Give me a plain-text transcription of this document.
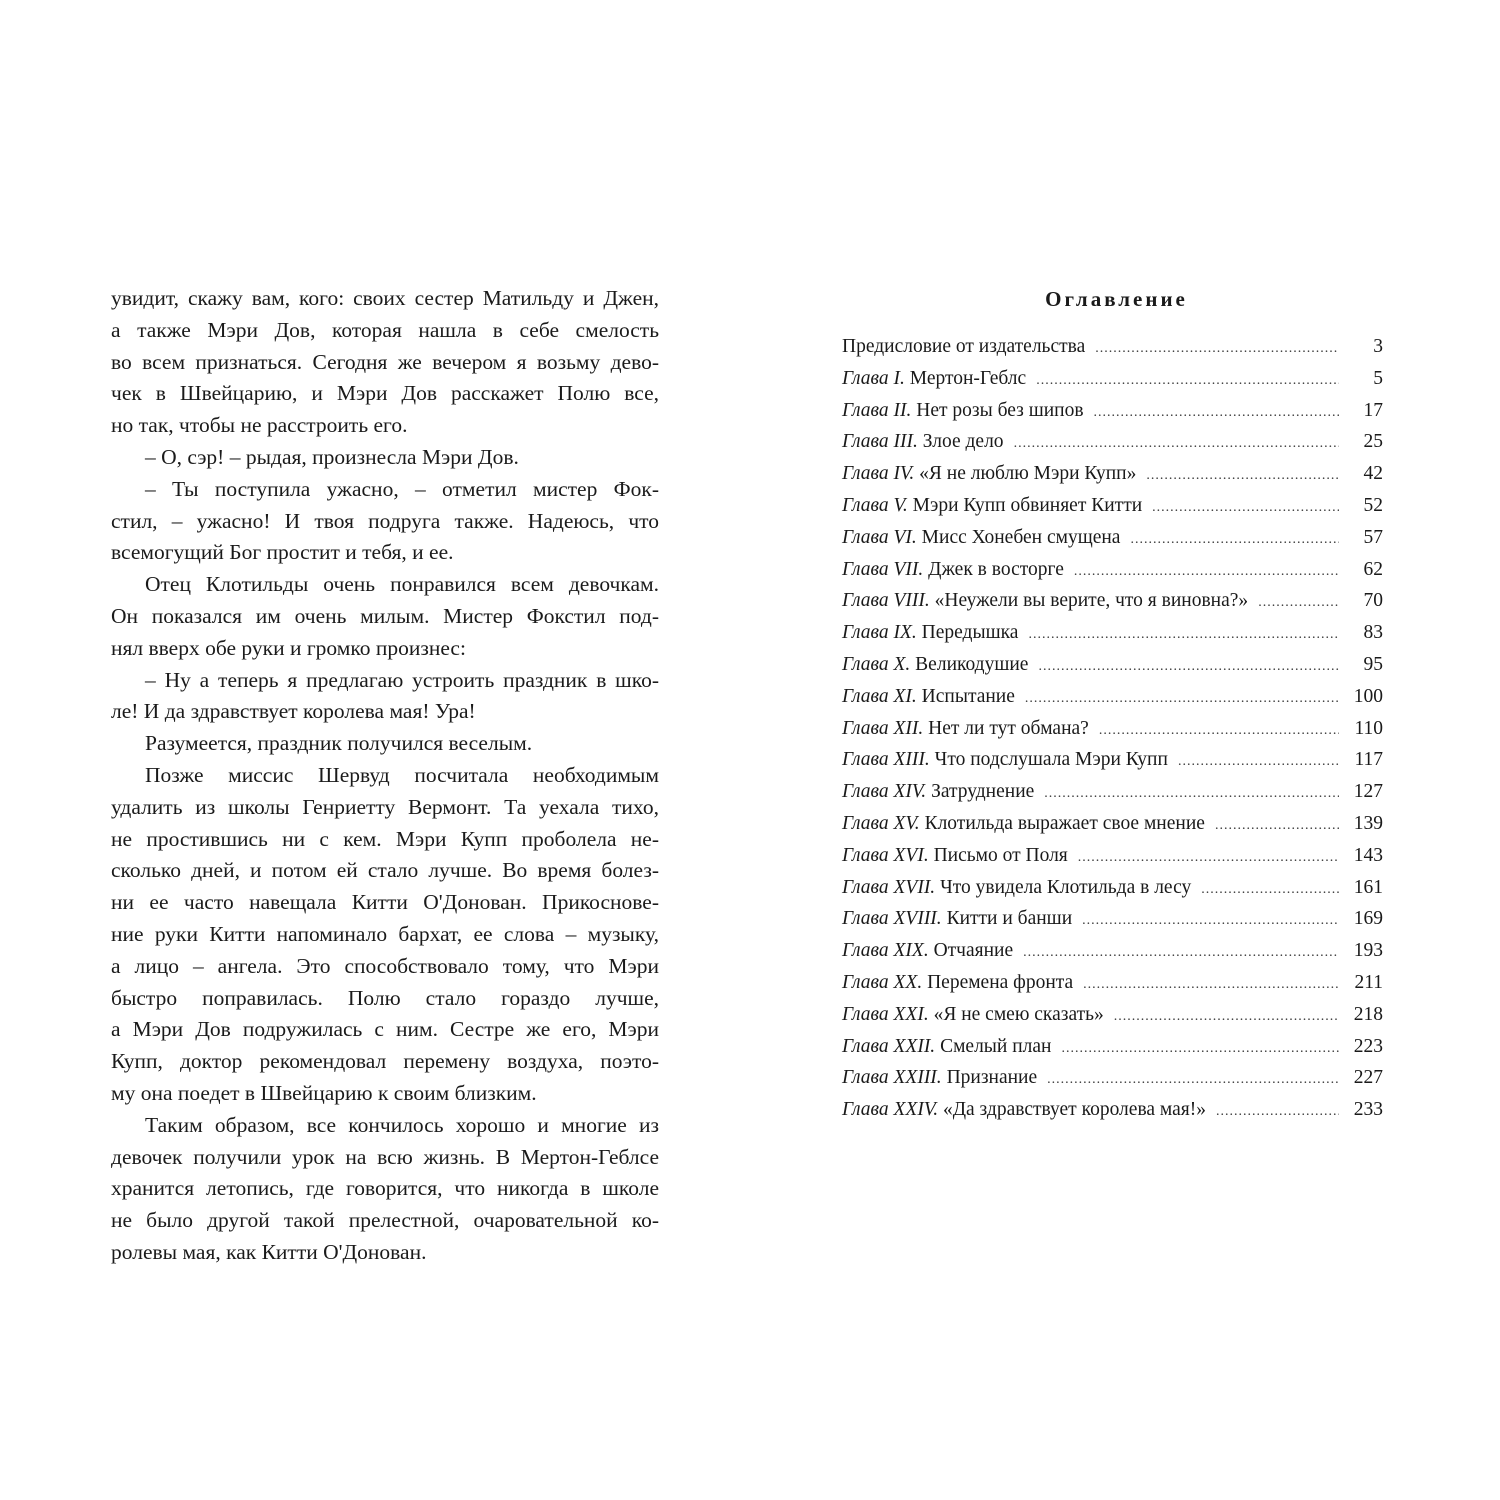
увидит, скажу вам, кого: своих сестер Матильду и Джен,
а также Мэри Дов, которая нашла в себе смелость
во всем признаться. Сегодня же вечером я возьму дево-
чек в Швейцарию, и Мэри Дов расскажет Полю все,
но так, чтобы не расстроить его.
– О, сэр! – рыдая, произнесла Мэри Дов.
– Ты поступила ужасно, – отметил мистер Фок-
стил, – ужасно! И твоя подруга также. Надеюсь, что
всемогущий Бог простит и тебя, и ее.
Отец Клотильды очень понравился всем девочкам.
Он показался им очень милым. Мистер Фокстил под-
нял вверх обе руки и громко произнес:
– Ну а теперь я предлагаю устроить праздник в шко-
ле! И да здравствует королева мая! Ура!
Разумеется, праздник получился веселым.
Позже миссис Шервуд посчитала необходимым
удалить из школы Генриетту Вермонт. Та уехала тихо,
не простившись ни с кем. Мэри Купп проболела не-
сколько дней, и потом ей стало лучше. Во время болез-
ни ее часто навещала Китти О'Донован. Прикоснове-
ние руки Китти напоминало бархат, ее слова – музыку,
а лицо – ангела. Это способствовало тому, что Мэри
быстро поправилась. Полю стало гораздо лучше,
а Мэри Дов подружилась с ним. Сестре же его, Мэри
Купп, доктор рекомендовал перемену воздуха, поэто-
му она поедет в Швейцарию к своим близким.
Таким образом, все кончилось хорошо и многие из
девочек получили урок на всю жизнь. В Мертон-Геблсе
хранится летопись, где говорится, что никогда в школе
не было другой такой прелестной, очаровательной ко-
ролевы мая, как Китти О'Донован.
Оглавление
Предисловие от издательства .....	3
Глава I. Мертон-Геблс .....	5
Глава II. Нет розы без шипов .....	17
Глава III. Злое дело .....	25
Глава IV. «Я не люблю Мэри Купп» .....	42
Глава V. Мэри Купп обвиняет Китти .....	52
Глава VI. Мисс Хонебен смущена .....	57
Глава VII. Джек в восторге .....	62
Глава VIII. «Неужели вы верите, что я виновна?» .....	70
Глава IX. Передышка .....	83
Глава X. Великодушие .....	95
Глава XI. Испытание .....	100
Глава XII. Нет ли тут обмана? .....	110
Глава XIII. Что подслушала Мэри Купп .....	117
Глава XIV. Затруднение .....	127
Глава XV. Клотильда выражает свое мнение .....	139
Глава XVI. Письмо от Поля .....	143
Глава XVII. Что увидела Клотильда в лесу .....	161
Глава XVIII. Китти и банши .....	169
Глава XIX. Отчаяние .....	193
Глава XX. Перемена фронта .....	211
Глава XXI. «Я не смею сказать» .....	218
Глава XXII. Смелый план .....	223
Глава XXIII. Признание .....	227
Глава XXIV. «Да здравствует королева мая!» .....	233
